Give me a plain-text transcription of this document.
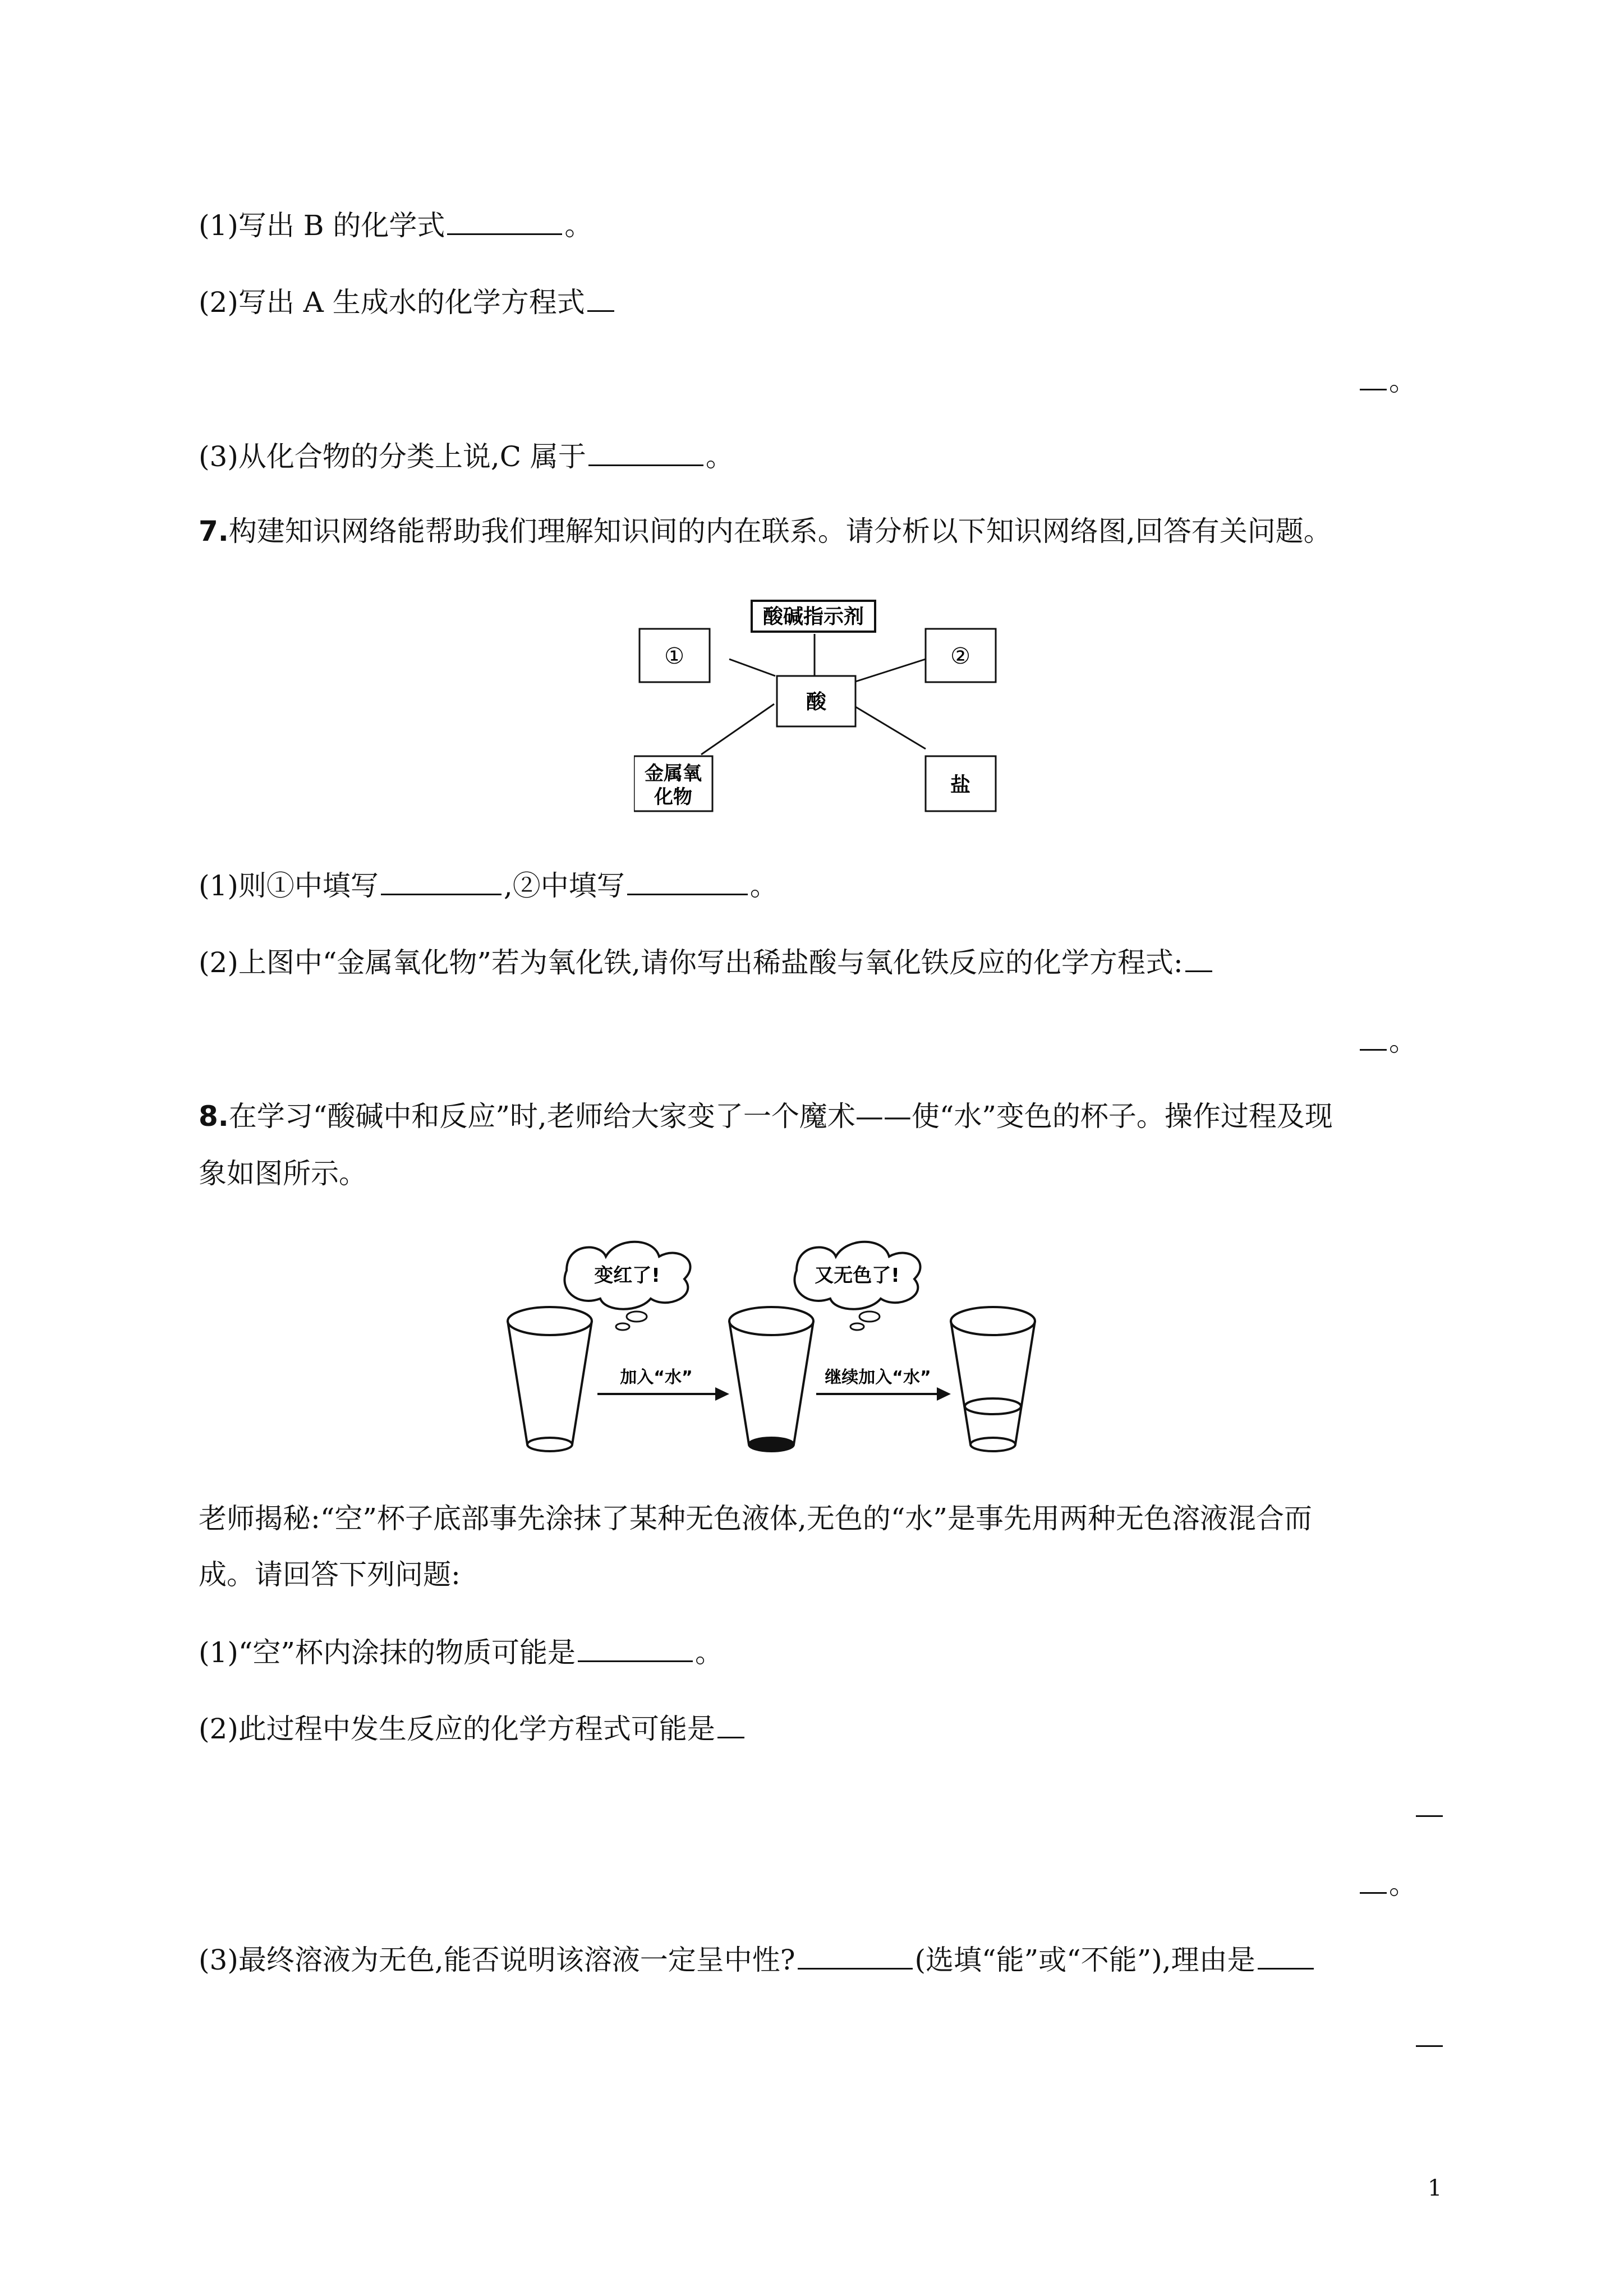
(1)写出 B 的化学式	。
(2)写出 A 生成水的化学方程式
。
(3)从化合物的分类上说,C 属于	。
7.构建知识网络能帮助我们理解知识间的内在联系。请分析以下知识网络图,回答有关问题。
酸碱指示剂
①	②
酸
金属氧
化物
盐
(1)则①中填写	,②中填写	。
(2)上图中“金属氧化物”若为氧化铁,请你写出稀盐酸与氧化铁反应的化学方程式:
。
8.在学习“酸碱中和反应”时,老师给大家变了一个魔术——使“水”变色的杯子。操作过程及现
象如图所示。
变红了!	又无色了!
加入“水”	继续加入“水”
老师揭秘:“空”杯子底部事先涂抹了某种无色液体,无色的“水”是事先用两种无色溶液混合而
成。请回答下列问题:
(1)“空”杯内涂抹的物质可能是	。
(2)此过程中发生反应的化学方程式可能是
。
(3)最终溶液为无色,能否说明该溶液一定呈中性?	(选填“能”或“不能”),理由是
1
